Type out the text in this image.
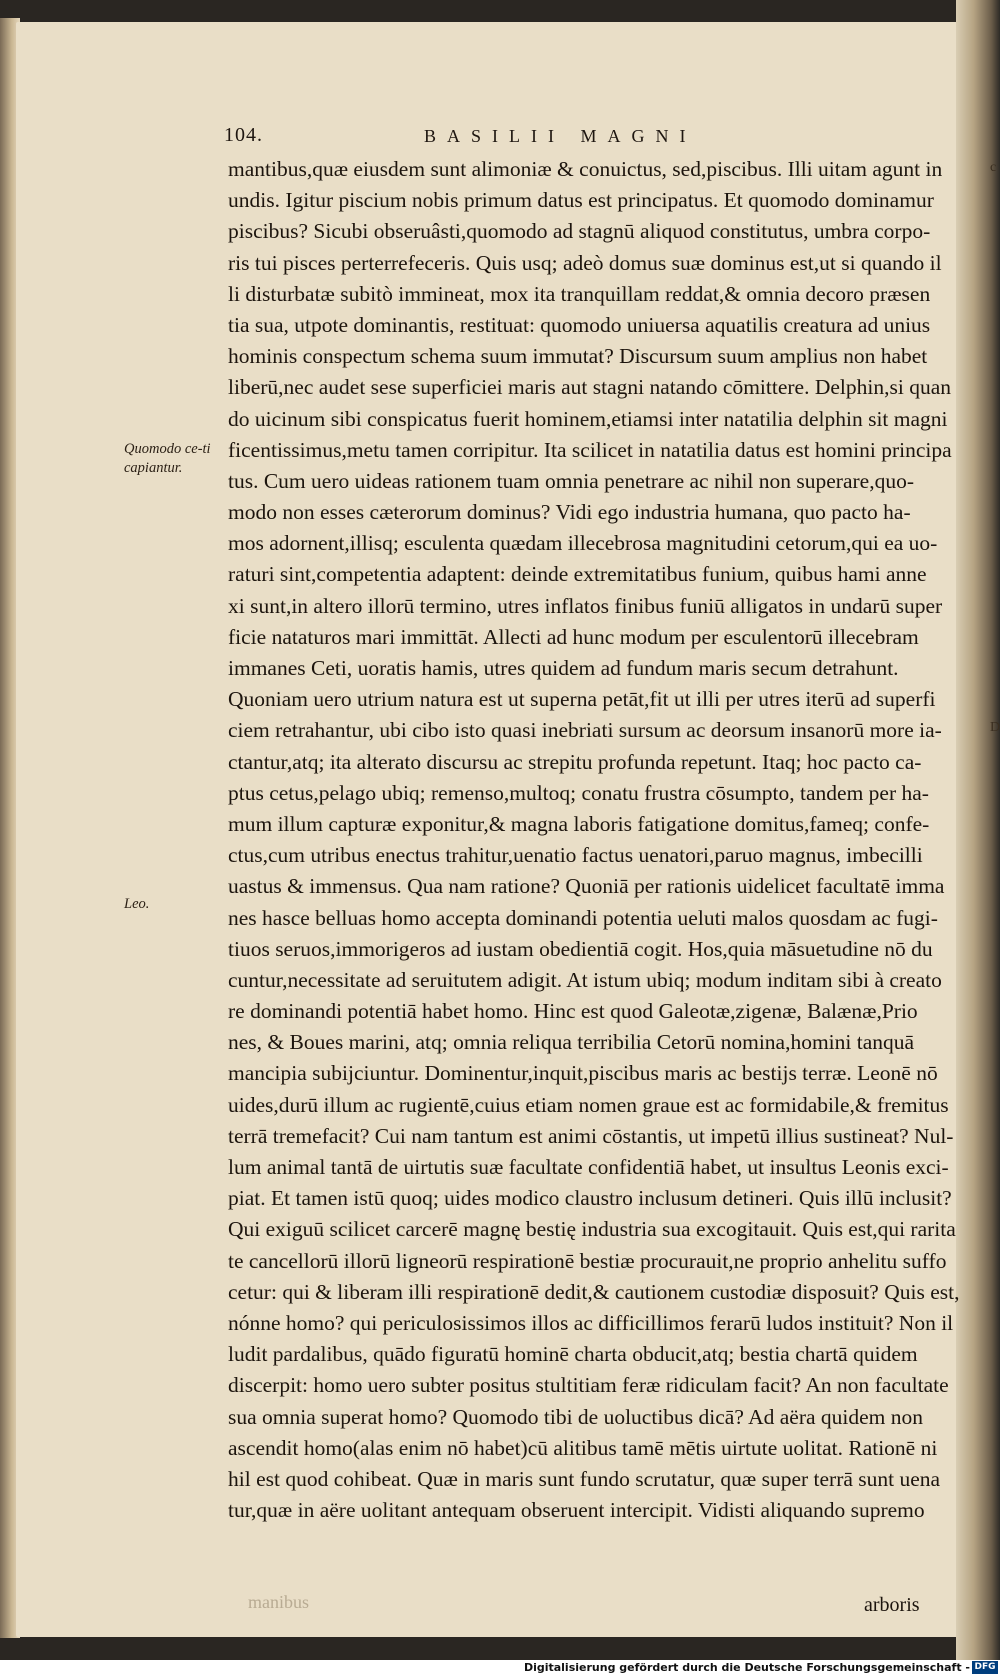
c
D
104.	BASILII MAGNI
Quomodo ce-ti capiantur.
Leo.
mantibus,quæ eiusdem sunt alimoniæ & conuictus, sed,piscibus. Illi uitam agunt in
undis. Igitur piscium nobis primum datus est principatus. Et quomodo dominamur
piscibus? Sicubi obseruâsti,quomodo ad stagnū aliquod constitutus, umbra corpo-
ris tui pisces perterrefeceris. Quis usq; adeò domus suæ dominus est,ut si quando il
li disturbatæ subitò immineat, mox ita tranquillam reddat,& omnia decoro præsen
tia sua, utpote dominantis, restituat: quomodo uniuersa aquatilis creatura ad unius
hominis conspectum schema suum immutat? Discursum suum amplius non habet
liberū,nec audet sese superficiei maris aut stagni natando cōmittere. Delphin,si quan
do uicinum sibi conspicatus fuerit hominem,etiamsi inter natatilia delphin sit magni
ficentissimus,metu tamen corripitur. Ita scilicet in natatilia datus est homini principa
tus. Cum uero uideas rationem tuam omnia penetrare ac nihil non superare,quo-
modo non esses cæterorum dominus? Vidi ego industria humana, quo pacto ha-
mos adornent,illisq; esculenta quædam illecebrosa magnitudini cetorum,qui ea uo-
raturi sint,competentia adaptent: deinde extremitatibus funium, quibus hami anne
xi sunt,in altero illorū termino, utres inflatos finibus funiū alligatos in undarū super
ficie nataturos mari immittāt. Allecti ad hunc modum per esculentorū illecebram
immanes Ceti, uoratis hamis, utres quidem ad fundum maris secum detrahunt.
Quoniam uero utrium natura est ut superna petāt,fit ut illi per utres iterū ad superfi
ciem retrahantur, ubi cibo isto quasi inebriati sursum ac deorsum insanorū more ia-
ctantur,atq; ita alterato discursu ac strepitu profunda repetunt. Itaq; hoc pacto ca-
ptus cetus,pelago ubiq; remenso,multoq; conatu frustra cōsumpto, tandem per ha-
mum illum capturæ exponitur,& magna laboris fatigatione domitus,fameq; confe-
ctus,cum utribus enectus trahitur,uenatio factus uenatori,paruo magnus, imbecilli
uastus & immensus. Qua nam ratione? Quoniā per rationis uidelicet facultatē imma
nes hasce belluas homo accepta dominandi potentia ueluti malos quosdam ac fugi-
tiuos seruos,immorigeros ad iustam obedientiā cogit. Hos,quia māsuetudine nō du
cuntur,necessitate ad seruitutem adigit. At istum ubiq; modum inditam sibi à creato
re dominandi potentiā habet homo. Hinc est quod Galeotæ,zigenæ, Balænæ,Prio
nes, & Boues marini, atq; omnia reliqua terribilia Cetorū nomina,homini tanquā
mancipia subijciuntur. Dominentur,inquit,piscibus maris ac bestijs terræ. Leonē nō
uides,durū illum ac rugientē,cuius etiam nomen graue est ac formidabile,& fremitus
terrā tremefacit? Cui nam tantum est animi cōstantis, ut impetū illius sustineat? Nul-
lum animal tantā de uirtutis suæ facultate confidentiā habet, ut insultus Leonis exci-
piat. Et tamen istū quoq; uides modico claustro inclusum detineri. Quis illū inclusit?
Qui exiguū scilicet carcerē magnę bestię industria sua excogitauit. Quis est,qui rarita
te cancellorū illorū ligneorū respirationē bestiæ procurauit,ne proprio anhelitu suffo
cetur: qui & liberam illi respirationē dedit,& cautionem custodiæ disposuit? Quis est,
nónne homo? qui periculosissimos illos ac difficillimos ferarū ludos instituit? Non il
ludit pardalibus, quādo figuratū hominē charta obducit,atq; bestia chartā quidem
discerpit: homo uero subter positus stultitiam feræ ridiculam facit? An non facultate
sua omnia superat homo? Quomodo tibi de uoluctibus dicā? Ad aëra quidem non
ascendit homo(alas enim nō habet)cū alitibus tamē mētis uirtute uolitat. Rationē ni
hil est quod cohibeat. Quæ in maris sunt fundo scrutatur, quæ super terrā sunt uena
tur,quæ in aëre uolitant antequam obseruent intercipit. Vidisti aliquando supremo
manibus	arboris
Digitalisierung gefördert durch die Deutsche Forschungsgemeinschaft - DFG
